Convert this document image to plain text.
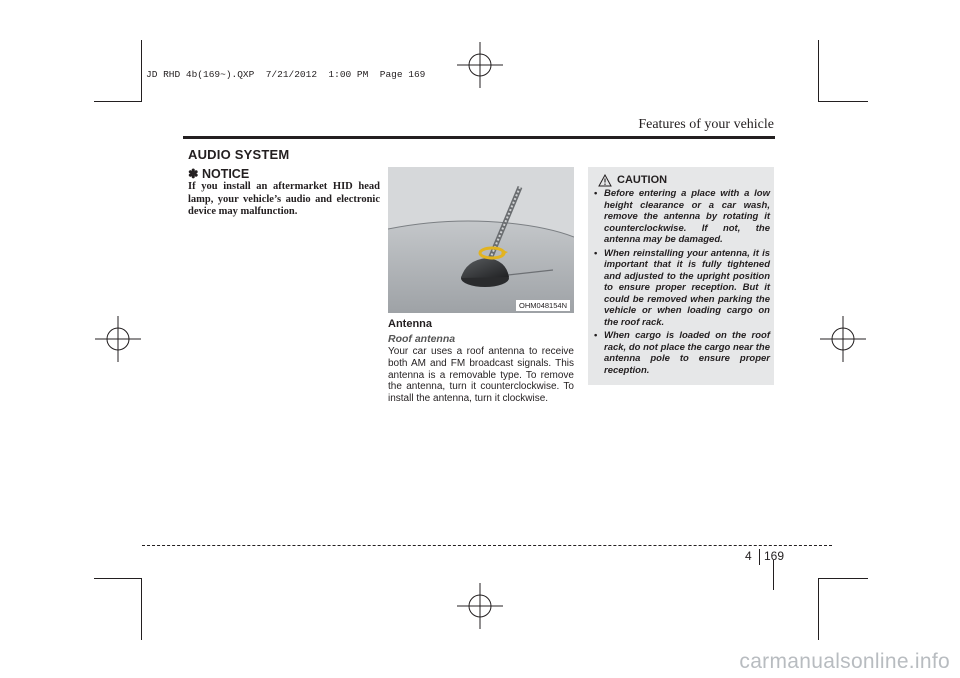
JD RHD 4b(169~).QXP  7/21/2012  1:00 PM  Page 169
Features of your vehicle
AUDIO SYSTEM
✽ NOTICE
If you install an aftermarket HID head lamp, your vehicle’s audio and electronic device may malfunction.
OHM048154N
Antenna
Roof antenna
Your car uses a roof antenna to receive both AM and FM broadcast signals. This antenna is a removable type. To remove the antenna, turn it counterclockwise. To install the antenna, turn it clockwise.
CAUTION
• Before entering a place with a low height clearance or a car wash, remove the antenna by rotating it counterclockwise. If not, the antenna may be damaged.
• When reinstalling your antenna, it is important that it is fully tightened and adjusted to the upright position to ensure proper reception. But it could be removed when parking the vehicle or when loading cargo on the roof rack.
• When cargo is loaded on the roof rack, do not place the cargo near the antenna pole to ensure proper reception.
4 169
carmanualsonline.info
